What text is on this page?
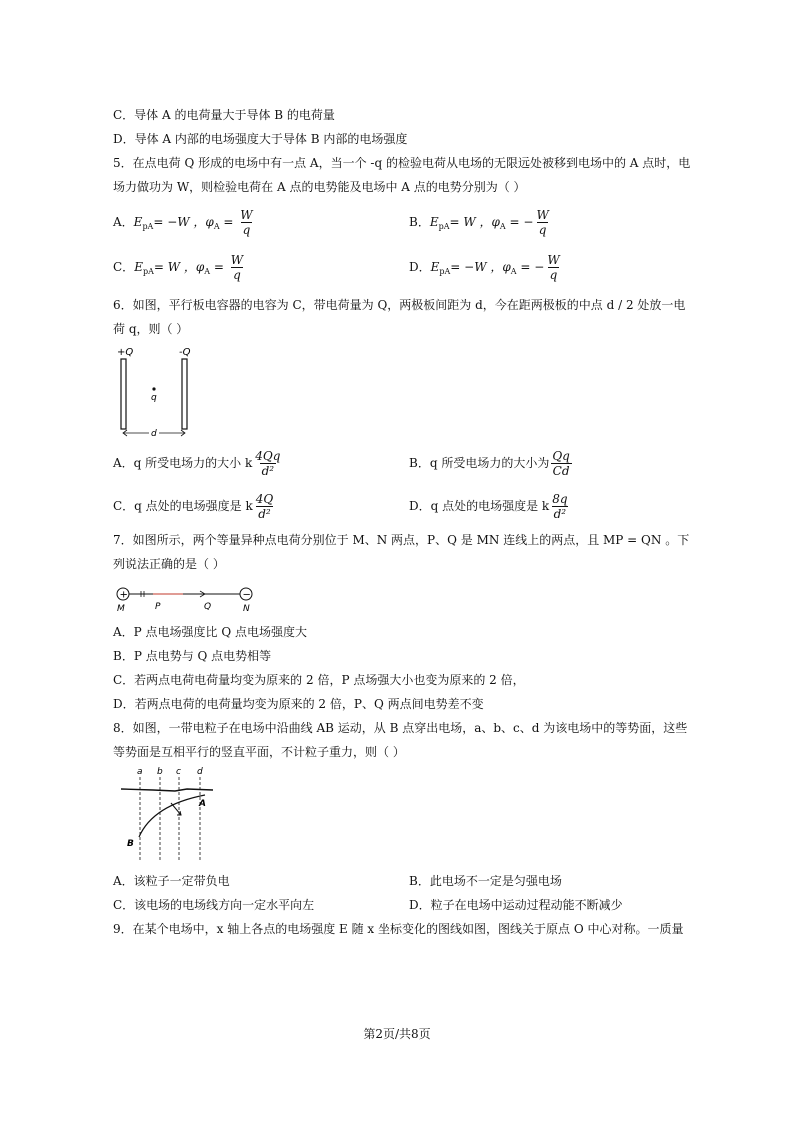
C．导体 A 的电荷量大于导体 B 的电荷量
D．导体 A 内部的电场强度大于导体 B 内部的电场强度
5．在点电荷 Q 形成的电场中有一点 A，当一个 -q 的检验电荷从电场的无限远处被移到电场中的 A 点时，电
场力做功为 W，则检验电荷在 A 点的电势能及电场中 A 点的电势分别为（ ）
A．$E_{pA}= -W$ ，$\varphi_A = \frac{W}{q}$	B．$E_{pA}= W$ ，$\varphi_A$ = − $\frac{W}{q}$
C．$E_{pA}= W$ ，$\varphi_A = \frac{W}{q}$	D．$E_{pA}= -W$ ，$\varphi_A$ = − $\frac{W}{q}$
6．如图，平行板电容器的电容为 C，带电荷量为 Q，两极板间距为 d，今在距两极板的中点 d / 2 处放一电
荷 q，则（ ）
+Q	-Q
q
d
A．q 所受电场力的大小 k $\frac{4Qq}{\text{d²}}$	B．q 所受电场力的大小为 $\frac{Qq}{Cd}$
C．q 点处的电场强度是 k $\frac{4Q}{\text{d²}}$	D．q 点处的电场强度是 k $\frac{8q}{\text{d²}}$
7．如图所示，两个等量异种点电荷分别位于 M、N 两点，P、Q 是 MN 连线上的两点，且 MP = QN 。下
列说法正确的是（ ）
+	−
M	P	Q	N
A．P 点电场强度比 Q 点电场强度大
B．P 点电势与 Q 点电势相等
C．若两点电荷电荷量均变为原来的 2 倍，P 点场强大小也变为原来的 2 倍，
D．若两点电荷的电荷量均变为原来的 2 倍，P、Q 两点间电势差不变
8．如图，一带电粒子在电场中沿曲线 AB 运动，从 B 点穿出电场，a、b、c、d 为该电场中的等势面，这些
等势面是互相平行的竖直平面，不计粒子重力，则（ ）
a b c d
A
B
A．该粒子一定带负电	B．此电场不一定是匀强电场
C．该电场的电场线方向一定水平向左	D．粒子在电场中运动过程动能不断减少
9．在某个电场中，x 轴上各点的电场强度 E 随 x 坐标变化的图线如图，图线关于原点 O 中心对称。一质量
第2页/共8页
